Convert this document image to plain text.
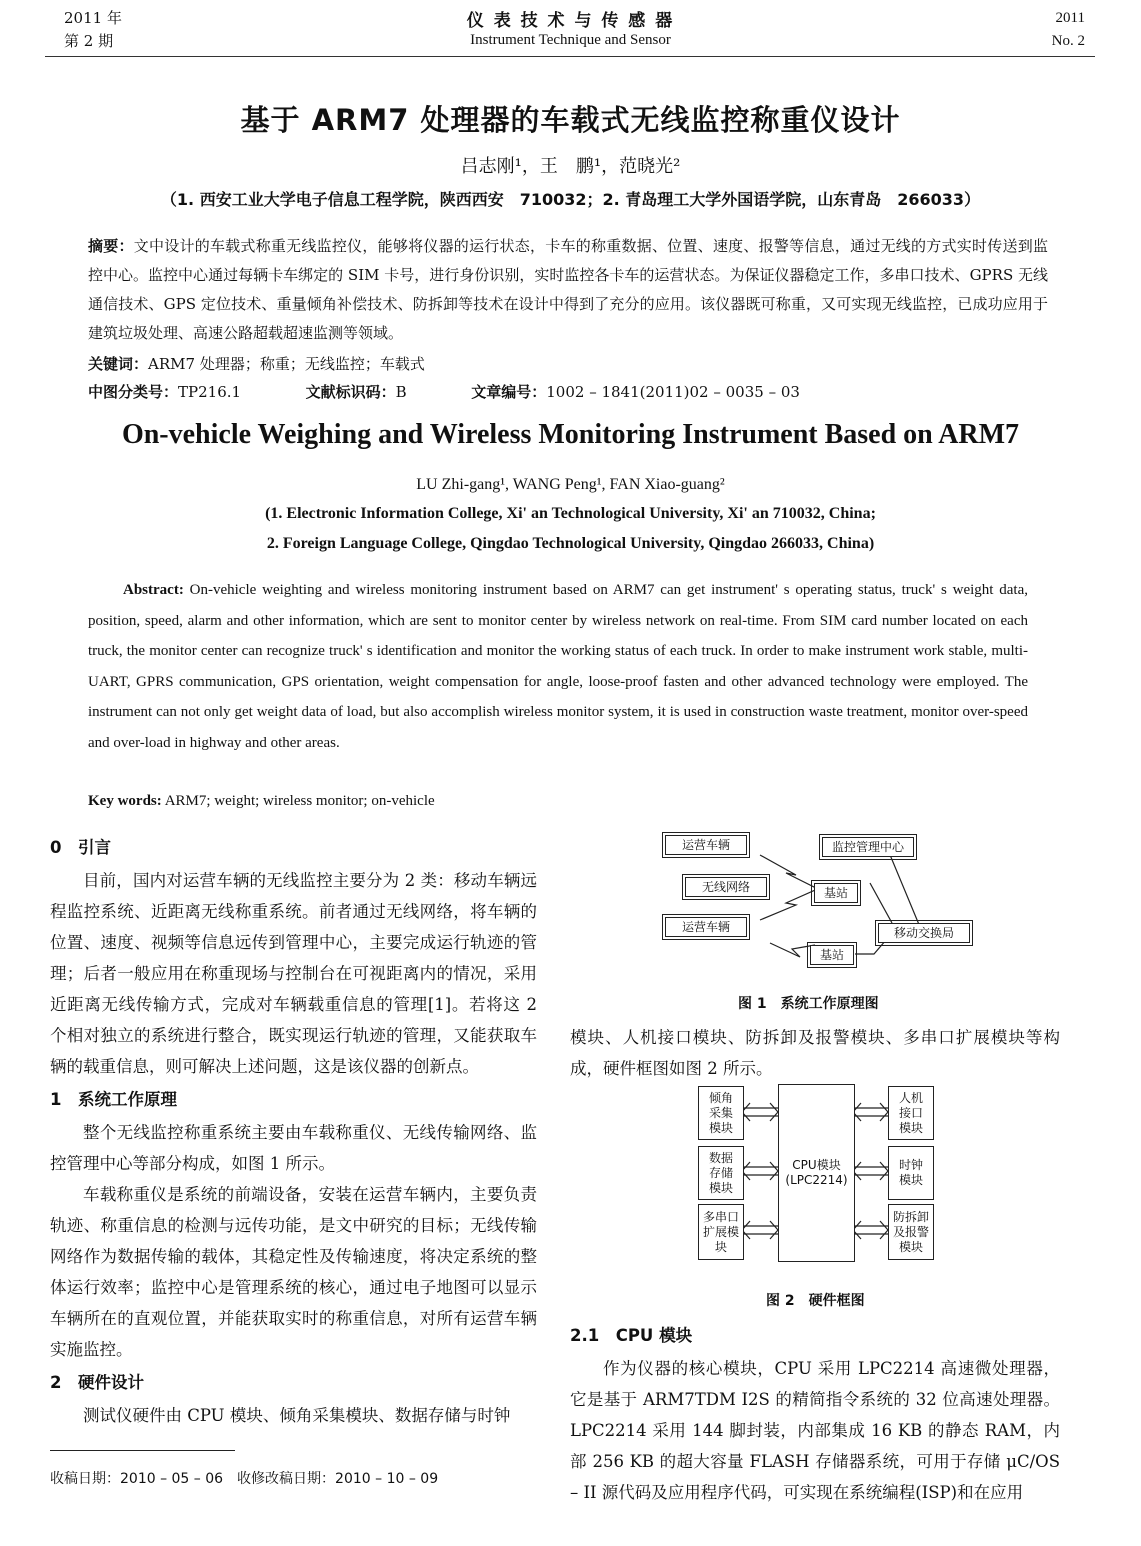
2011 年
第 2 期
仪 表 技 术 与 传 感 器
Instrument Technique and Sensor
2011
No. 2
基于 ARM7 处理器的车载式无线监控称重仪设计
吕志刚¹，王　鹏¹，范晓光²
（1. 西安工业大学电子信息工程学院，陕西西安　710032；2. 青岛理工大学外国语学院，山东青岛　266033）
摘要：文中设计的车载式称重无线监控仪，能够将仪器的运行状态，卡车的称重数据、位置、速度、报警等信息，通过无线的方式实时传送到监控中心。监控中心通过每辆卡车绑定的 SIM 卡号，进行身份识别，实时监控各卡车的运营状态。为保证仪器稳定工作，多串口技术、GPRS 无线通信技术、GPS 定位技术、重量倾角补偿技术、防拆卸等技术在设计中得到了充分的应用。该仪器既可称重，又可实现无线监控，已成功应用于建筑垃圾处理、高速公路超载超速监测等领域。
关键词：ARM7 处理器；称重；无线监控；车载式
中图分类号：TP216.1	文献标识码：B	文章编号：1002 – 1841(2011)02 – 0035 – 03
On-vehicle Weighing and Wireless Monitoring Instrument Based on ARM7
LU Zhi-gang¹, WANG Peng¹, FAN Xiao-guang²
(1. Electronic Information College, Xi' an Technological University, Xi' an 710032, China;
2. Foreign Language College, Qingdao Technological University, Qingdao 266033, China)
Abstract: On-vehicle weighting and wireless monitoring instrument based on ARM7 can get instrument' s operating status, truck' s weight data, position, speed, alarm and other information, which are sent to monitor center by wireless network on real-time. From SIM card number located on each truck, the monitor center can recognize truck' s identification and monitor the working status of each truck. In order to make instrument work stable, multi-UART, GPRS communication, GPS orientation, weight compensation for angle, loose-proof fasten and other advanced technology were employed. The instrument can not only get weight data of load, but also accomplish wireless monitor system, it is used in construction waste treatment, monitor over-speed and over-load in highway and other areas.
Key words: ARM7; weight; wireless monitor; on-vehicle

0　引言

目前，国内对运营车辆的无线监控主要分为 2 类：移动车辆远程监控系统、近距离无线称重系统。前者通过无线网络，将车辆的位置、速度、视频等信息远传到管理中心，主要完成运行轨迹的管理；后者一般应用在称重现场与控制台在可视距离内的情况，采用近距离无线传输方式，完成对车辆载重信息的管理[1]。若将这 2 个相对独立的系统进行整合，既实现运行轨迹的管理，又能获取车辆的载重信息，则可解决上述问题，这是该仪器的创新点。

1　系统工作原理

整个无线监控称重系统主要由车载称重仪、无线传输网络、监控管理中心等部分构成，如图 1 所示。

车载称重仪是系统的前端设备，安装在运营车辆内，主要负责轨迹、称重信息的检测与远传功能，是文中研究的目标；无线传输网络作为数据传输的载体，其稳定性及传输速度，将决定系统的整体运行效率；监控中心是管理系统的核心，通过电子地图可以显示车辆所在的直观位置，并能获取实时的称重信息，对所有运营车辆实施监控。

2　硬件设计

测试仪硬件由 CPU 模块、倾角采集模块、数据存储与时钟

收稿日期：2010 – 05 – 06　收修改稿日期：2010 – 10 – 09
运营车辆
无线网络
运营车辆
监控管理中心
基站
基站
移动交换局
图 1　系统工作原理图

模块、人机接口模块、防拆卸及报警模块、多串口扩展模块等构成，硬件框图如图 2 所示。

倾角采集模块
数据存储模块
多串口扩展模块
CPU模块
(LPC2214)
人机接口模块
时钟模块
防拆卸及报警模块
图 2　硬件框图

2.1　CPU 模块

作为仪器的核心模块，CPU 采用 LPC2214 高速微处理器，它是基于 ARM7TDM I2S 的精简指令系统的 32 位高速处理器。LPC2214 采用 144 脚封装，内部集成 16 KB 的静态 RAM，内部 256 KB 的超大容量 FLASH 存储器系统，可用于存储 μC/OS – II 源代码及应用程序代码，可实现在系统编程(ISP)和在应用
